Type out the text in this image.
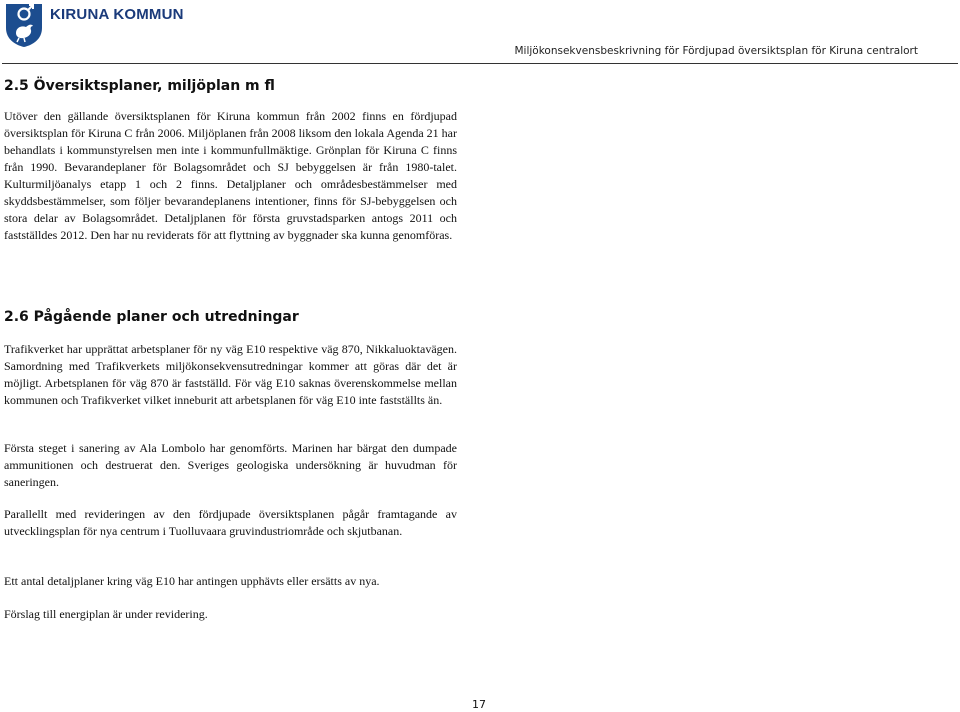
KIRUNA KOMMUN
Miljökonsekvensbeskrivning för Fördjupad översiktsplan för Kiruna centralort
2.5 Översiktsplaner, miljöplan m fl

Utöver den gällande översiktsplanen för Kiruna kommun från 2002 finns en fördjupad översiktsplan för Kiruna C från 2006. Miljöplanen från 2008 liksom den lokala Agenda 21 har behandlats i kommunstyrelsen men inte i kommunfullmäktige. Grönplan för Kiruna C finns från 1990. Bevarandeplaner för Bolagsområdet och SJ bebyggelsen är från 1980-talet. Kulturmiljöanalys etapp 1 och 2 finns. Detaljplaner och områdesbestämmelser med skyddsbestämmelser, som följer bevarandeplanens intentioner, finns för SJ-bebyggelsen och stora delar av Bolagsområdet. Detaljplanen för första gruvstadsparken antogs 2011 och fastställdes 2012. Den har nu reviderats för att flyttning av byggnader ska kunna genomföras.

2.6 Pågående planer och utredningar

Trafikverket har upprättat arbetsplaner för ny väg E10 respektive väg 870, Nikkaluoktavägen. Samordning med Trafikverkets miljökonsekvensutredningar kommer att göras där det är möjligt. Arbetsplanen för väg 870 är fastställd. För väg E10 saknas överenskommelse mellan kommunen och Trafikverket vilket inneburit att arbetsplanen för väg E10 inte fastställts än.

Första steget i sanering av Ala Lombolo har genomförts. Marinen har bärgat den dumpade ammunitionen och destruerat den. Sveriges geologiska undersökning är huvudman för saneringen.

Parallellt med revideringen av den fördjupade översiktsplanen pågår framtagande av utvecklingsplan för nya centrum i Tuolluvaara gruvindustriområde och skjutbanan.

Ett antal detaljplaner kring väg E10 har antingen upphävts eller ersätts av nya.

Förslag till energiplan är under revidering.

17
